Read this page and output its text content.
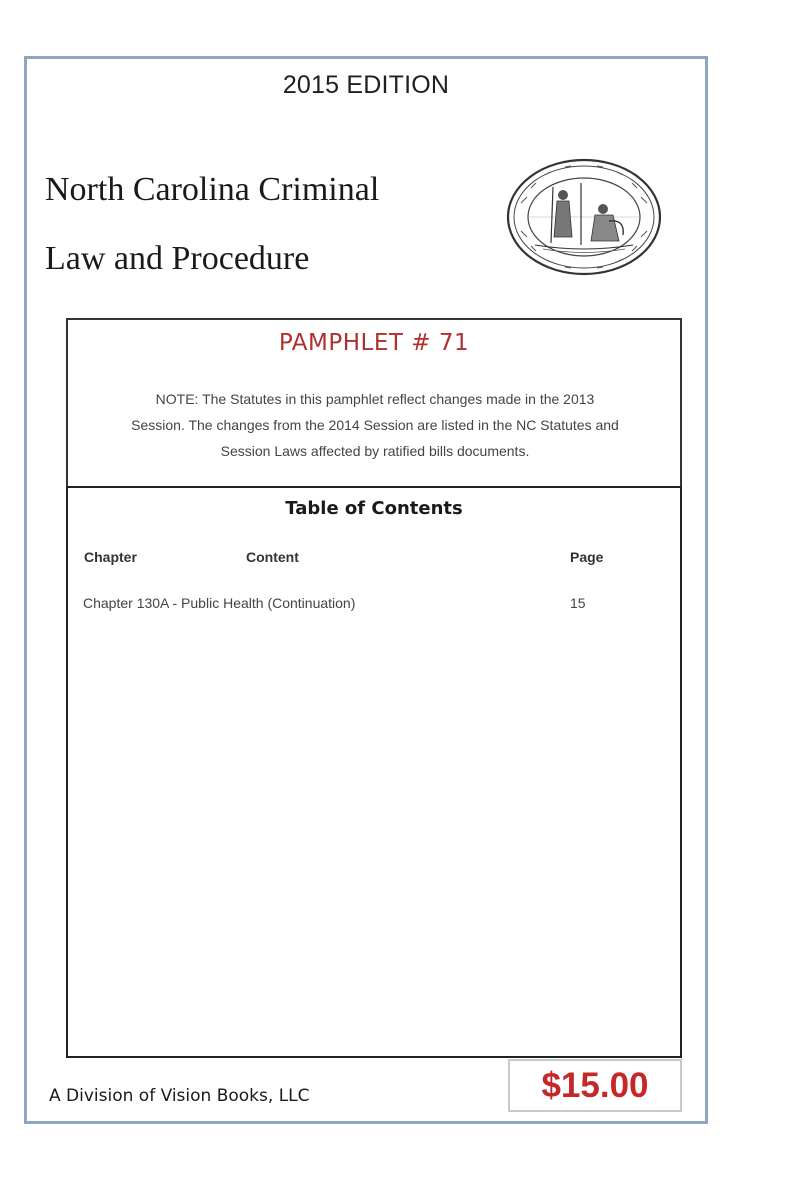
2015 EDITION
North Carolina Criminal
Law and Procedure
PAMPHLET # 71
NOTE: The Statutes in this pamphlet reflect changes made in the 2013
Session. The changes from the 2014 Session are listed in the NC Statutes and
Session Laws affected by ratified bills documents.
Table of Contents
Chapter	Content	Page
Chapter 130A - Public Health (Continuation)	15
A Division of Vision Books, LLC	$15.00
